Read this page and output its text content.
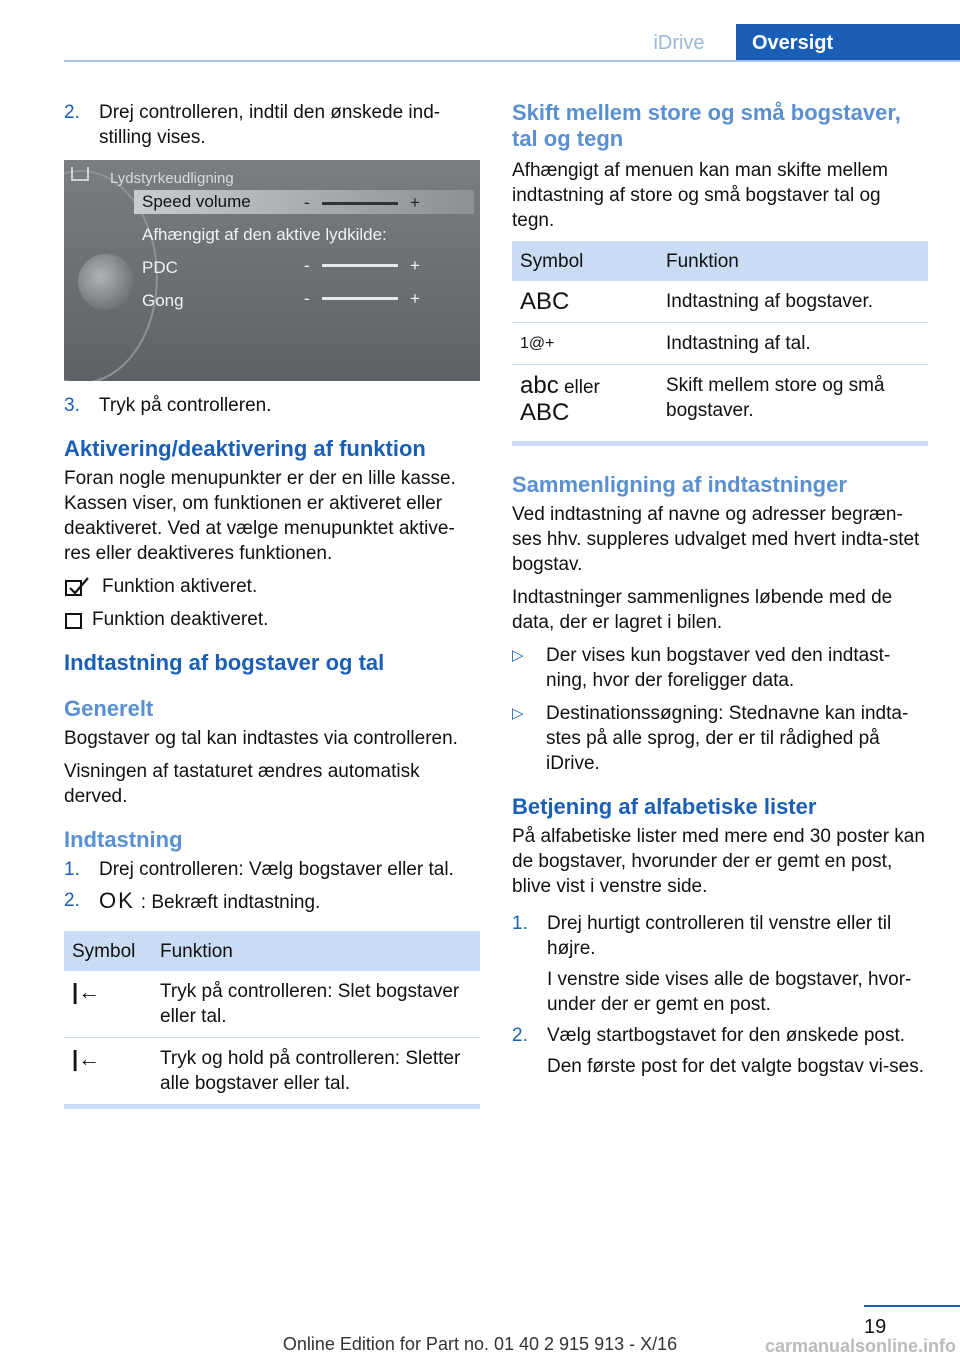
iDrive	Oversigt
2.	Drej controlleren, indtil den ønskede ind‐stilling vises.
Lydstyrkeudligning
Speed volume	-	+
Afhængigt af den aktive lydkilde:
PDC	-	+
Gong	-	+
3.	Tryk på controlleren.
Aktivering/deaktivering af funktion

Foran nogle menupunkter er der en lille kasse. Kassen viser, om funktionen er aktiveret eller deaktiveret. Ved at vælge menupunktet aktive‐res eller deaktiveres funktionen.

Funktion aktiveret.
Funktion deaktiveret.
Indtastning af bogstaver og tal
Generelt

Bogstaver og tal kan indtastes via controlleren.

Visningen af tastaturet ændres automatisk derved.

Indtastning
1.	Drej controlleren: Vælg bogstaver eller tal.
2. OK : Bekræft indtastning.
Symbol	Funktion
|←	Tryk på controlleren: Slet bogstaver eller tal.
|←	Tryk og hold på controlleren: Sletter alle bogstaver eller tal.
Skift mellem store og små bogstaver, tal og tegn

Afhængigt af menuen kan man skifte mellem indtastning af store og små bogstaver tal og tegn.

Symbol	Funktion
ABC	Indtastning af bogstaver.
1@+	Indtastning af tal.
abc eller
ABC	Skift mellem store og små bogstaver.
Sammenligning af indtastninger

Ved indtastning af navne og adresser begræn‐ses hhv. suppleres udvalget med hvert indta‐stet bogstav.

Indtastninger sammenlignes løbende med de data, der er lagret i bilen.

▷	Der vises kun bogstaver ved den indtast‐ning, hvor der foreligger data.
▷	Destinationssøgning: Stednavne kan indta‐stes på alle sprog, der er til rådighed på iDrive.
Betjening af alfabetiske lister

På alfabetiske lister med mere end 30 poster kan de bogstaver, hvorunder der er gemt en post, blive vist i venstre side.

1.	Drej hurtigt controlleren til venstre eller til højre.
I venstre side vises alle de bogstaver, hvor‐under der er gemt en post.
2.	Vælg startbogstavet for den ønskede post.
Den første post for det valgte bogstav vi‐ses.
19
Online Edition for Part no. 01 40 2 915 913 - X/16	carmanualsonline.info
